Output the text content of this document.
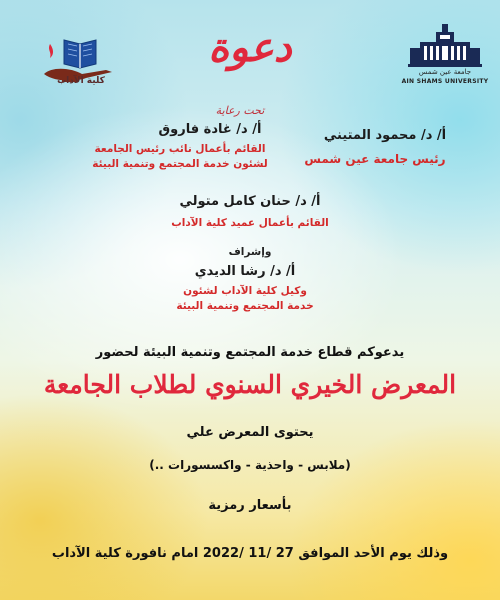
كلية الآداب
جامعة عين شمس
AIN SHAMS UNIVERSITY
دعوة
تحت رعاية
أ/ د/ محمود المتيني
رئيس جامعة عين شمس
أ/ د/ غادة فاروق
القائم بأعمال نائب رئيس الجامعة
لشئون خدمة المجتمع وتنمية البيئة
أ/ د/ حنان كامل متولي
القائم بأعمال عميد كلية الآداب
وإشراف
أ/ د/ رشا الديدي
وكيل كلية الآداب لشئون
خدمة المجتمع وتنمية البيئة
يدعوكم قطاع خدمة المجتمع وتنمية البيئة لحضور
المعرض الخيري السنوي لطلاب الجامعة
يحتوى المعرض علي
(ملابس - واحذية - واكسسورات ..)
بأسعار رمزية
وذلك يوم الأحد الموافق 27 /11 /2022 امام نافورة كلية الآداب
